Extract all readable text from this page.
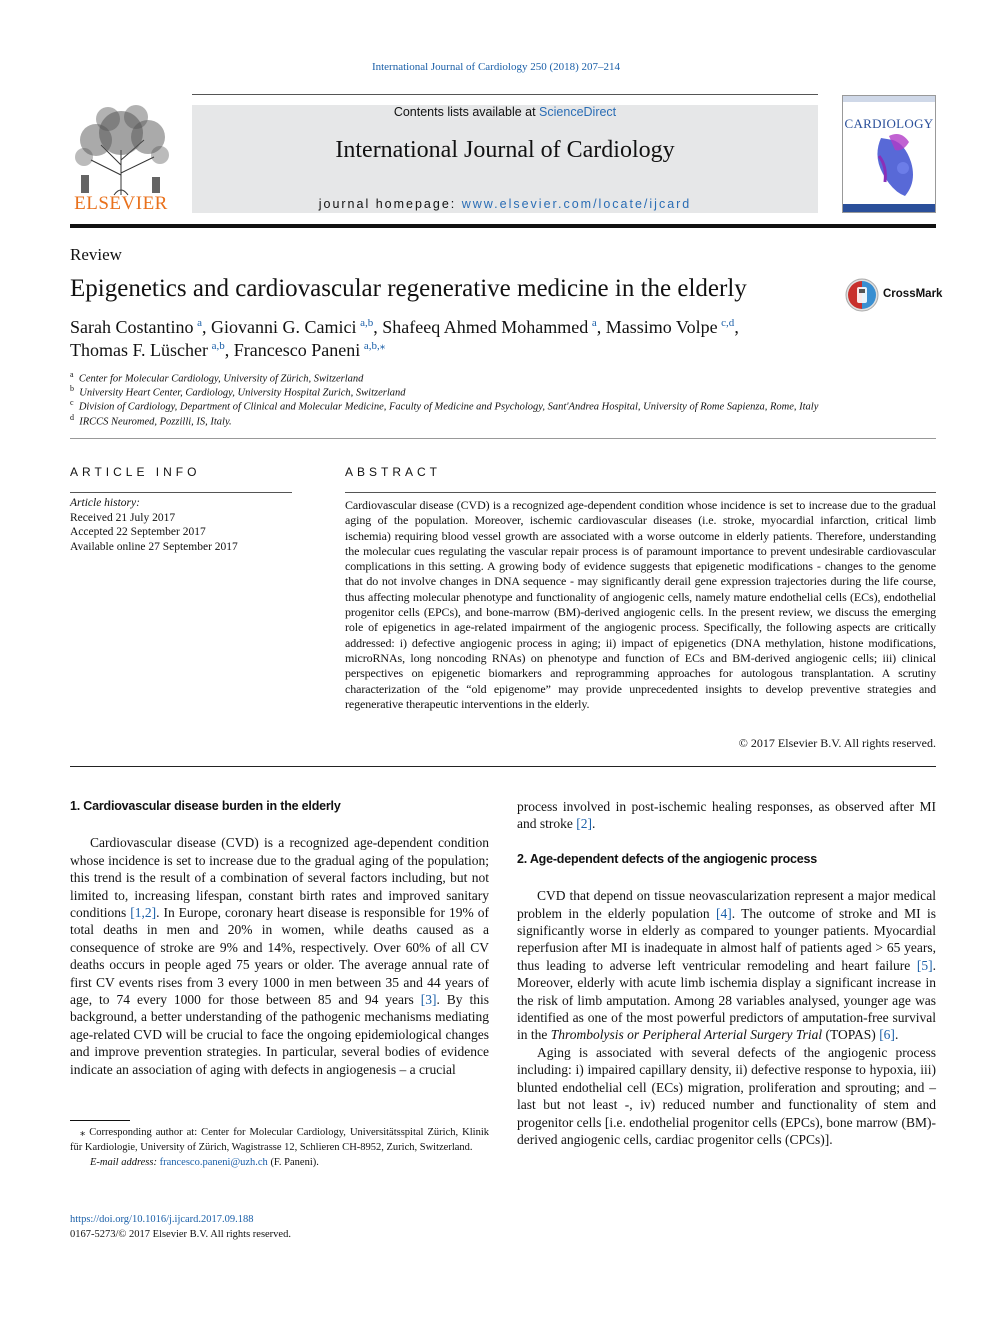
International Journal of Cardiology 250 (2018) 207–214
ELSEVIER
Contents lists available at ScienceDirect
International Journal of Cardiology
journal homepage: www.elsevier.com/locate/ijcard
CARDIOLOGY
Review
Epigenetics and cardiovascular regenerative medicine in the elderly	CrossMark
Sarah Costantino  $^a$, Giovanni G. Camici  $^{a,b}$, Shafeeq Ahmed Mohammed  $^a$, Massimo Volpe  $^{c,d}$,
Thomas F. Lüscher  $^{a,b}$, Francesco Paneni  $^{a,b,⁎}$
$^a$  Center for Molecular Cardiology, University of Zürich, Switzerland
$^b$  University Heart Center, Cardiology, University Hospital Zurich, Switzerland
$^c$  Division of Cardiology, Department of Clinical and Molecular Medicine, Faculty of Medicine and Psychology, Sant'Andrea Hospital, University of Rome Sapienza, Rome, Italy
$^d$  IRCCS Neuromed, Pozzilli, IS, Italy.
ARTICLE INFO	ABSTRACT
Article history:
Received 21 July 2017
Accepted 22 September 2017
Available online 27 September 2017
Cardiovascular disease (CVD) is a recognized age-dependent condition whose incidence is set to increase due to the gradual aging of the population. Moreover, ischemic cardiovascular diseases (i.e. stroke, myocardial infarction, critical limb ischemia) requiring blood vessel growth are associated with a worse outcome in elderly patients. Therefore, understanding the molecular cues regulating the vascular repair process is of paramount importance to prevent undesirable cardiovascular complications in this setting. A growing body of evidence suggests that epigenetic modifications - changes to the genome that do not involve changes in DNA sequence - may significantly derail gene expression trajectories during the life course, thus affecting molecular phenotype and functionality of angiogenic cells, namely mature endothelial cells (ECs), endothelial progenitor cells (EPCs), and bone-marrow (BM)-derived angiogenic cells. In the present review, we discuss the emerging role of epigenetics in age-related impairment of the angiogenic process. Specifically, the following aspects are critically addressed: i) defective angiogenic process in aging; ii) impact of epigenetics (DNA methylation, histone modifications, microRNAs, long noncoding RNAs) on phenotype and function of ECs and BM-derived angiogenic cells; iii) clinical perspectives on epigenetic biomarkers and reprogramming approaches for autologous transplantation. A scrutiny characterization of the “old epigenome” may provide unprecedented insights to develop preventive strategies and regenerative therapeutic interventions in the elderly.
© 2017 Elsevier B.V. All rights reserved.
1. Cardiovascular disease burden in the elderly

Cardiovascular disease (CVD) is a recognized age-dependent condition whose incidence is set to increase due to the gradual aging of the population; this trend is the result of a combination of several factors including, but not limited to, increasing lifespan, constant birth rates and improved sanitary conditions [1,2]. In Europe, coronary heart disease is responsible for 19% of total deaths in men and 20% in women, while deaths caused as a consequence of stroke are 9% and 14%, respectively. Over 60% of all CV deaths occurs in people aged 75 years or older. The average annual rate of first CV events rises from 3 every 1000 in men between 35 and 44 years of age, to 74 every 1000 for those between 85 and 94 years [3]. By this background, a better understanding of the pathogenic mechanisms mediating age-related CVD will be crucial to face the ongoing epidemiological changes and improve prevention strategies. In particular, several bodies of evidence indicate an association of aging with defects in angiogenesis – a crucial

process involved in post-ischemic healing responses, as observed after MI and stroke [2].

2. Age-dependent defects of the angiogenic process

CVD that depend on tissue neovascularization represent a major medical problem in the elderly population [4]. The outcome of stroke and MI is significantly worse in elderly as compared to younger patients. Myocardial reperfusion after MI is inadequate in almost half of patients aged > 65 years, thus leading to adverse left ventricular remodeling and heart failure [5]. Moreover, elderly with acute limb ischemia display a significant increase in the risk of limb amputation. Among 28 variables analysed, younger age was identified as one of the most powerful predictors of amputation-free survival in the Thrombolysis or Peripheral Arterial Surgery Trial (TOPAS) [6].

Aging is associated with several defects of the angiogenic process including: i) impaired capillary density, ii) defective response to hypoxia, iii) blunted endothelial cell (ECs) migration, proliferation and sprouting; and – last but not least -, iv) reduced number and functionality of stem and progenitor cells [i.e. endothelial progenitor cells (EPCs), bone marrow (BM)-derived angiogenic cells, cardiac progenitor cells (CPCs)].

⁎ Corresponding author at: Center for Molecular Cardiology, Universitätsspital Zürich, Klinik für Kardiologie, University of Zürich, Wagistrasse 12, Schlieren CH-8952, Zurich, Switzerland.

E-mail address: francesco.paneni@uzh.ch (F. Paneni).

https://doi.org/10.1016/j.ijcard.2017.09.188
0167-5273/© 2017 Elsevier B.V. All rights reserved.
